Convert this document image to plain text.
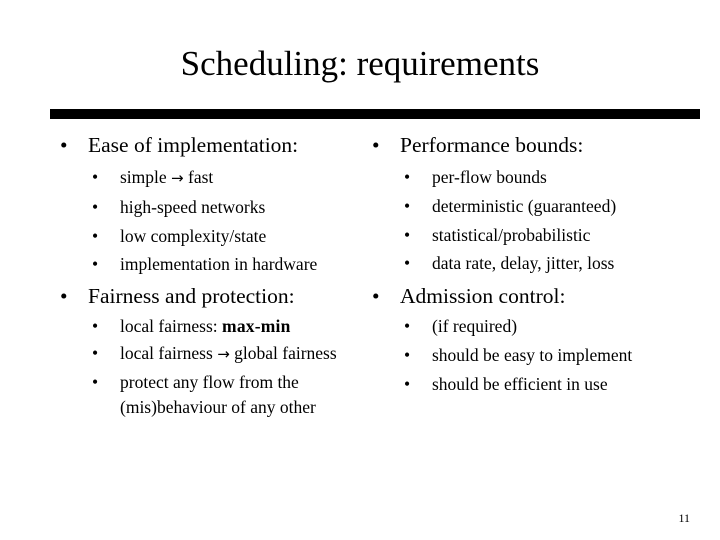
Scheduling: requirements
• Ease of implementation:
•	simple → fast
•	high-speed networks
•	low complexity/state
•	implementation in hardware
• Fairness and protection:
•	local fairness: max-min
•	local fairness → global fairness
•	protect any flow from the (mis)behaviour of any other
• Performance bounds:
•	per-flow bounds
•	deterministic (guaranteed)
•	statistical/probabilistic
•	data rate, delay, jitter, loss
• Admission control:
•	(if required)
•	should be easy to implement
•	should be efficient in use
11
